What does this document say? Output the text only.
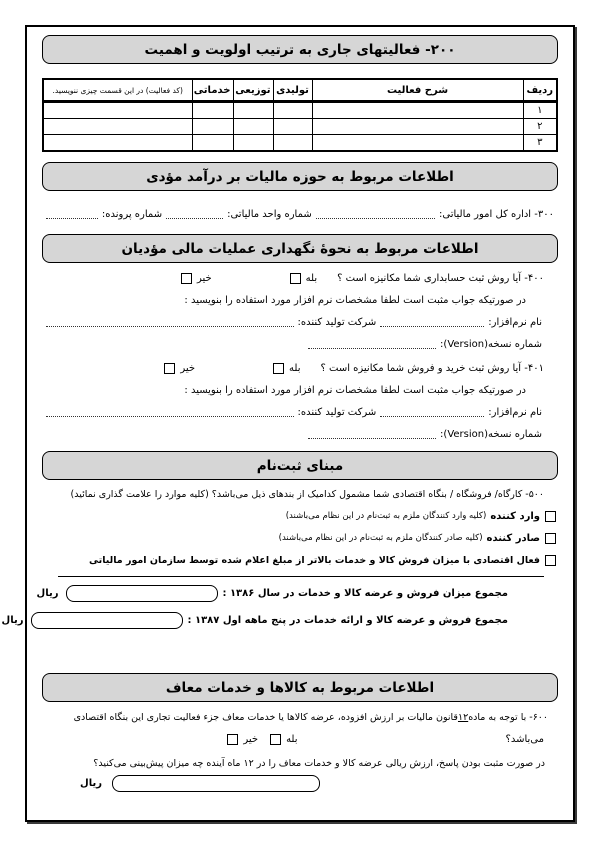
۲۰۰- فعالیتهای جاری به ترتیب اولویت و اهمیت
ردیف	شرح فعالیت	تولیدی	توزیعی	خدماتی	(کد فعالیت) در این قسمت چیزی ننویسید.
۱					
۲					
۳					
اطلاعات مربوط به حوزه مالیات بر درآمد مؤدی
۳۰۰- اداره کل امور مالیاتی:
شماره واحد مالیاتی:
شماره پرونده:
اطلاعات مربوط به نحوهٔ نگهداری عملیات مالی مؤدیان
۴۰۰- آیا روش ثبت حسابداری شما مکانیزه است ؟
بله
خیر
در صورتیکه جواب مثبت است لطفا مشخصات نرم افزار مورد استفاده را بنویسید :
نام نرم‌افزار:
شرکت تولید کننده:
شماره نسخه(Version):
۴۰۱- آیا روش ثبت خرید و فروش شما مکانیزه است ؟
بله
خیر
در صورتیکه جواب مثبت است لطفا مشخصات نرم افزار مورد استفاده را بنویسید :
نام نرم‌افزار:
شرکت تولید کننده:
شماره نسخه(Version):
مبنای ثبت‌نام
۵۰۰- کارگاه/ فروشگاه / بنگاه اقتصادی شما مشمول کدامیک از بندهای ذیل می‌باشد؟ (کلیه موارد را علامت گذاری نمائید)
وارد کننده
(کلیه وارد کنندگان ملزم به ثبت‌نام در این نظام می‌باشند)
صادر کننده
(کلیه صادر کنندگان ملزم به ثبت‌نام در این نظام می‌باشند)
فعال اقتصادی با میزان فروش کالا و خدمات بالاتر از مبلغ اعلام شده توسط سازمان امور مالیاتی
مجموع میزان فروش و عرضه کالا و خدمات در سال ۱۳۸۶ :
ریال
مجموع فروش و عرضه کالا و ارائه خدمات در پنج ماهه اول ۱۳۸۷ :
ریال
اطلاعات مربوط به کالاها و خدمات معاف
۶۰۰- با توجه به ماده
۱۲
قانون مالیات بر ارزش افزوده، عرضه کالاها یا خدمات معاف جزء فعالیت تجاری این بنگاه اقتصادی
می‌باشد؟
بله
خیر
در صورت مثبت بودن پاسخ، ارزش ریالی عرضه کالا و خدمات معاف را در ۱۲ ماه آینده چه میزان پیش‌بینی می‌کنید؟
ریال
